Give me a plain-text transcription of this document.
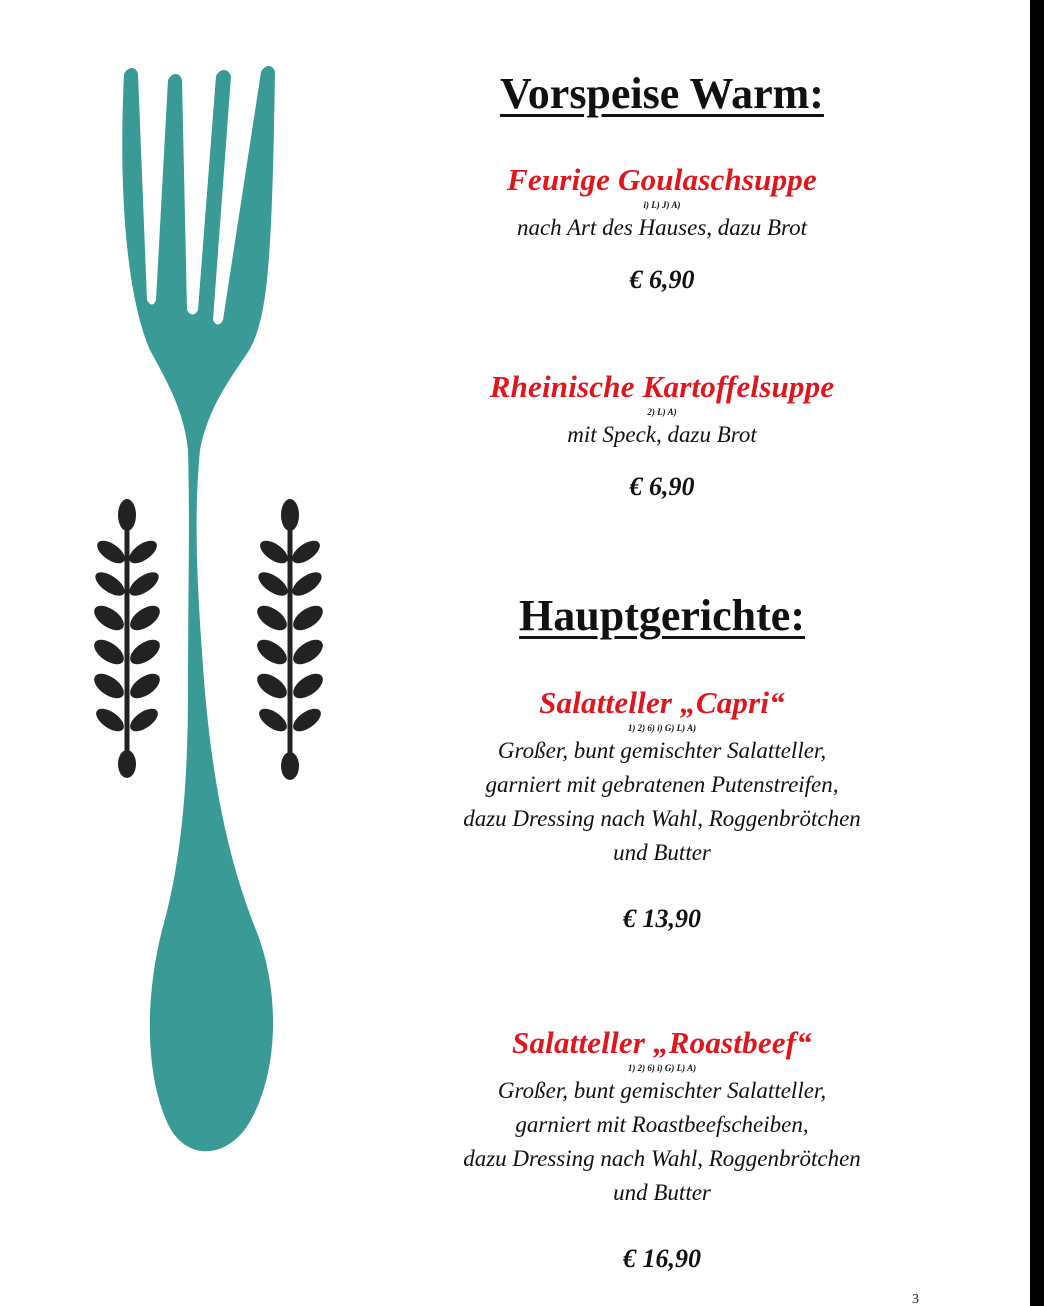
Vorspeise Warm:
Feurige Goulaschsuppe
i) L) J) A)
nach Art des Hauses, dazu Brot
€ 6,90
Rheinische Kartoffelsuppe
2) L) A)
mit Speck, dazu Brot
€ 6,90
Hauptgerichte:
Salatteller „Capri“
1) 2) 6) i) G) L) A)
Großer, bunt gemischter Salatteller,
garniert mit gebratenen Putenstreifen,
dazu Dressing nach Wahl, Roggenbrötchen
und Butter
€ 13,90
Salatteller „Roastbeef“
1) 2) 6) i) G) L) A)
Großer, bunt gemischter Salatteller,
garniert mit Roastbeefscheiben,
dazu Dressing nach Wahl, Roggenbrötchen
und Butter
€ 16,90
3
